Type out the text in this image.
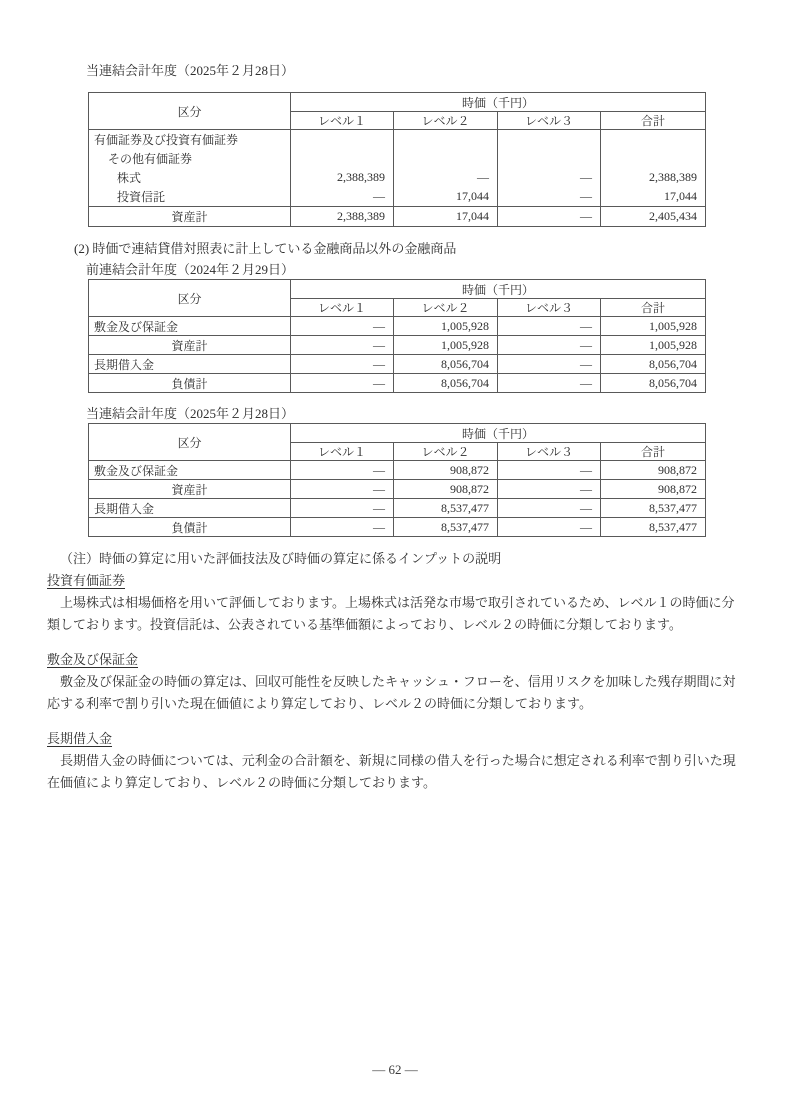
当連結会計年度（2025年２月28日）
区分	時価（千円）			
	レベル１	レベル２	レベル３	合計
有価証券及び投資有価証券				
その他有価証券				
株式	2,388,389	—	—	2,388,389
投資信託	—	17,044	—	17,044
資産計	2,388,389	17,044	—	2,405,434
(2) 時価で連結貸借対照表に計上している金融商品以外の金融商品
前連結会計年度（2024年２月29日）
区分	時価（千円）			
	レベル１	レベル２	レベル３	合計
敷金及び保証金	—	1,005,928	—	1,005,928
資産計	—	1,005,928	—	1,005,928
長期借入金	—	8,056,704	—	8,056,704
負債計	—	8,056,704	—	8,056,704
当連結会計年度（2025年２月28日）
区分	時価（千円）			
	レベル１	レベル２	レベル３	合計
敷金及び保証金	—	908,872	—	908,872
資産計	—	908,872	—	908,872
長期借入金	—	8,537,477	—	8,537,477
負債計	—	8,537,477	—	8,537,477
（注）時価の算定に用いた評価技法及び時価の算定に係るインプットの説明
投資有価証券
　上場株式は相場価格を用いて評価しております。上場株式は活発な市場で取引されているため、レベル１の時価に分
類しております。投資信託は、公表されている基準価額によっており、レベル２の時価に分類しております。
敷金及び保証金
　敷金及び保証金の時価の算定は、回収可能性を反映したキャッシュ・フローを、信用リスクを加味した残存期間に対
応する利率で割り引いた現在価値により算定しており、レベル２の時価に分類しております。
長期借入金
　長期借入金の時価については、元利金の合計額を、新規に同様の借入を行った場合に想定される利率で割り引いた現
在価値により算定しており、レベル２の時価に分類しております。
― 62 ―
